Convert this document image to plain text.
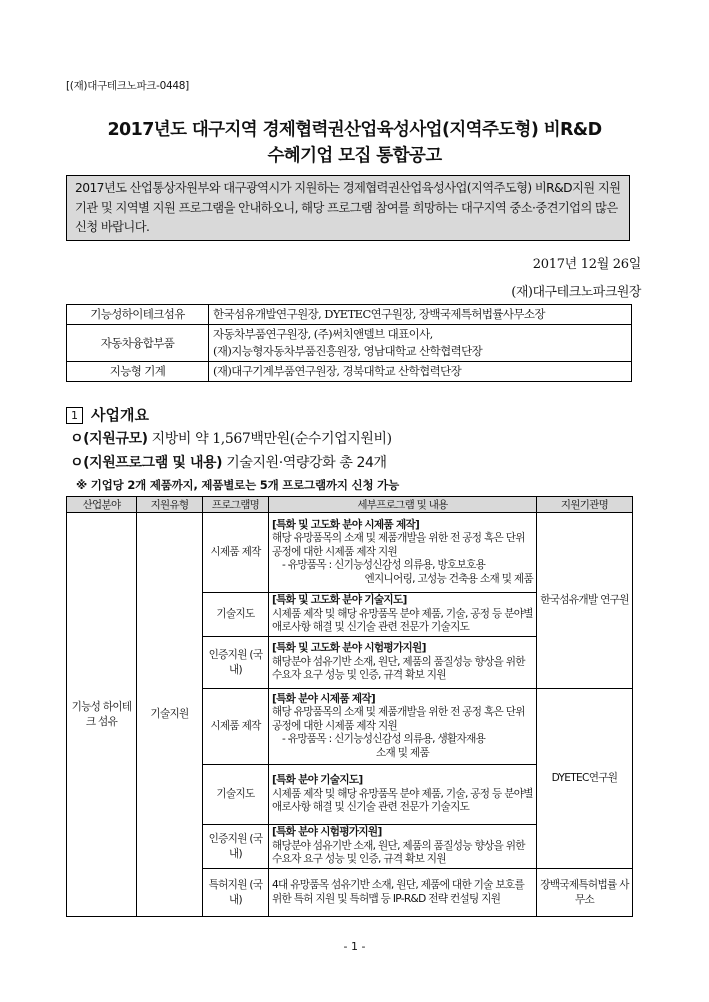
[(재)대구테크노파크-0448]
2017년도 대구지역 경제협력권산업육성사업(지역주도형) 비R&D
수혜기업 모집 통합공고
2017년도 산업통상자원부와 대구광역시가 지원하는 경제협력권산업육성사업(지역주도형) 비R&D지원 지원기관 및 지역별 지원 프로그램을 안내하오니, 해당 프로그램 참여를 희망하는 대구지역 중소·중견기업의 많은 신청 바랍니다.
2017년 12월 26일
(재)대구테크노파크원장
기능성하이테크섬유	한국섬유개발연구원장, DYETEC연구원장, 장백국제특허법률사무소장
자동차융합부품	자동차부품연구원장, (주)써치앤델브 대표이사,
(재)지능형자동차부품진흥원장, 영남대학교 산학협력단장
지능형 기계	(재)대구기계부품연구원장, 경북대학교 산학협력단장
1 사업개요
ㅇ(지원규모) 지방비 약 1,567백만원(순수기업지원비)
ㅇ(지원프로그램 및 내용) 기술지원·역량강화 총 24개
※ 기업당 2개 제품까지, 제품별로는 5개 프로그램까지 신청 가능
산업분야	지원유형	프로그램명	세부프로그램 및 내용	지원기관명
기능성 하이테크 섬유	기술지원	시제품 제작	[특화 및 고도화 분야 시제품 제작]
해당 유망품목의 소재 및 제품개발을 위한 전 공정 혹은 단위공정에 대한 시제품 제작 지원
- 유망품목 : 신기능성신감성 의류용, 방호보호용
엔지니어링, 고성능 건축용 소재 및 제품	한국섬유개발 연구원
		기술지도	[특화 및 고도화 분야 기술지도]
시제품 제작 및 해당 유망품목 분야 제품, 기술, 공정 등 분야별 애로사항 해결 및 신기술 관련 전문가 기술지도	
		인증지원 (국내)	[특화 및 고도화 분야 시험평가지원]
해당분야 섬유기반 소재, 원단, 제품의 품질성능 향상을 위한 수요자 요구 성능 및 인증, 규격 확보 지원	
		시제품 제작	[특화 분야 시제품 제작]
해당 유망품목의 소재 및 제품개발을 위한 전 공정 혹은 단위공정에 대한 시제품 제작 지원
- 유망품목 : 신기능성신감성 의류용, 생활자재용
소재 및 제품	DYETEC연구원
		기술지도	[특화 분야 기술지도]
시제품 제작 및 해당 유망품목 분야 제품, 기술, 공정 등 분야별 애로사항 해결 및 신기술 관련 전문가 기술지도	
		인증지원 (국내)	[특화 분야 시험평가지원]
해당분야 섬유기반 소재, 원단, 제품의 품질성능 향상을 위한 수요자 요구 성능 및 인증, 규격 확보 지원	
		특허지원 (국내)	4대 유망품목 섬유기반 소재, 원단, 제품에 대한 기술 보호를 위한 특허 지원 및 특허맵 등 IP-R&D 전략 컨설팅 지원	장백국제특허법률 사무소
- 1 -
